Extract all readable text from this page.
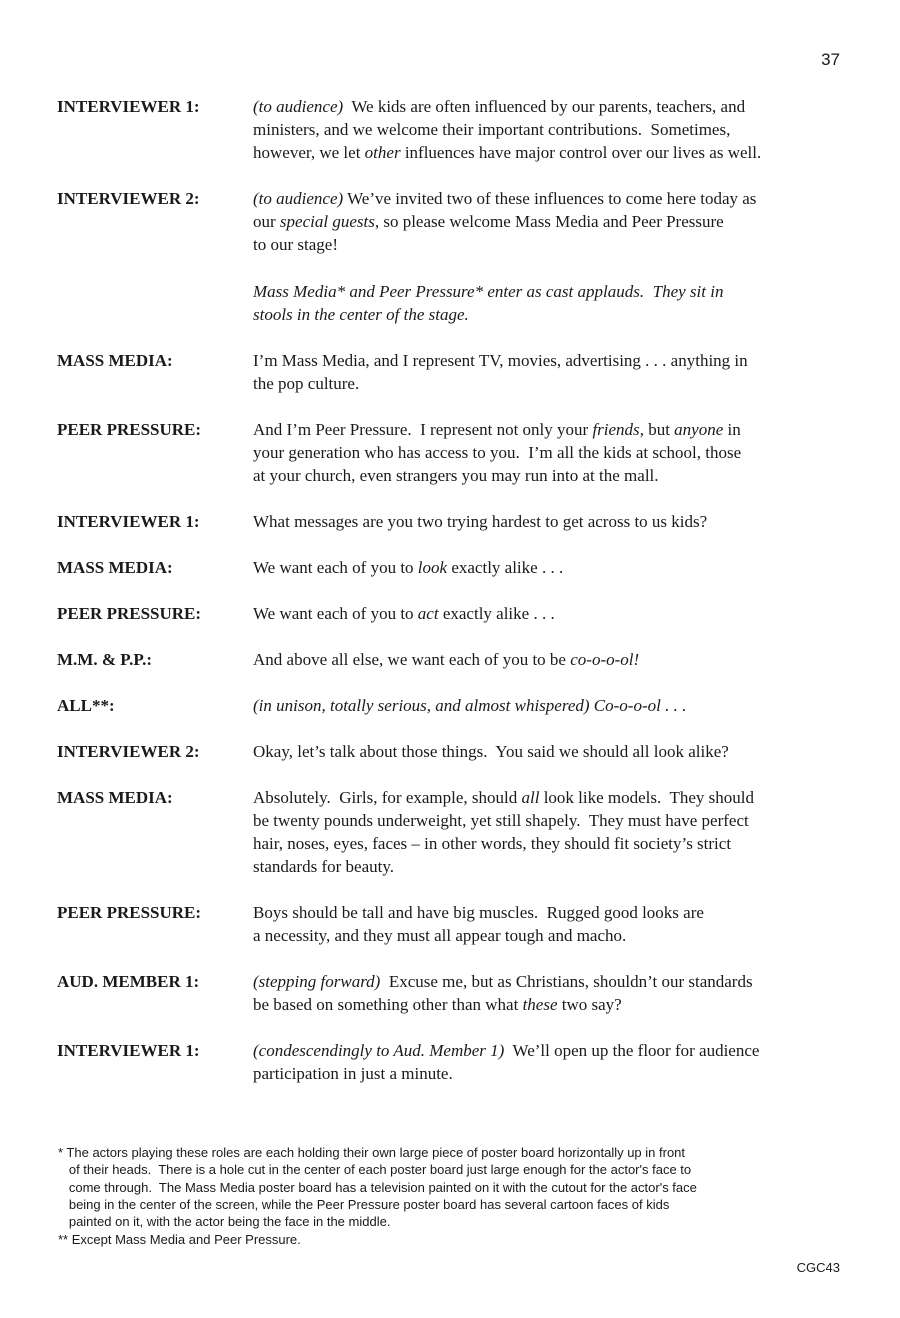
37
INTERVIEWER 1:	(to audience)  We kids are often influenced by our parents, teachers, and
ministers, and we welcome their important contributions.  Sometimes,
however, we let other influences have major control over our lives as well.
INTERVIEWER 2:	(to audience) We’ve invited two of these influences to come here today as
our special guests, so please welcome Mass Media and Peer Pressure
to our stage!
Mass Media* and Peer Pressure* enter as cast applauds.  They sit in
stools in the center of the stage.
MASS MEDIA:	I’m Mass Media, and I represent TV, movies, advertising . . . anything in
the pop culture.
PEER PRESSURE:	And I’m Peer Pressure.  I represent not only your friends, but anyone in
your generation who has access to you.  I’m all the kids at school, those
at your church, even strangers you may run into at the mall.
INTERVIEWER 1:	What messages are you two trying hardest to get across to us kids?
MASS MEDIA:	We want each of you to look exactly alike . . .
PEER PRESSURE:	We want each of you to act exactly alike . . .
M.M. & P.P.:	And above all else, we want each of you to be co-o-o-ol!
ALL**:	(in unison, totally serious, and almost whispered) Co-o-o-ol . . .
INTERVIEWER 2:	Okay, let’s talk about those things.  You said we should all look alike?
MASS MEDIA:	Absolutely.  Girls, for example, should all look like models.  They should
be twenty pounds underweight, yet still shapely.  They must have perfect
hair, noses, eyes, faces – in other words, they should fit society’s strict
standards for beauty.
PEER PRESSURE:	Boys should be tall and have big muscles.  Rugged good looks are
a necessity, and they must all appear tough and macho.
AUD. MEMBER 1:	(stepping forward)  Excuse me, but as Christians, shouldn’t our standards
be based on something other than what these two say?
INTERVIEWER 1:	(condescendingly to Aud. Member 1)  We’ll open up the floor for audience
participation in just a minute.
* The actors playing these roles are each holding their own large piece of poster board horizontally up in front
of their heads.  There is a hole cut in the center of each poster board just large enough for the actor's face to
come through.  The Mass Media poster board has a television painted on it with the cutout for the actor's face
being in the center of the screen, while the Peer Pressure poster board has several cartoon faces of kids
painted on it, with the actor being the face in the middle.
** Except Mass Media and Peer Pressure.
CGC43
